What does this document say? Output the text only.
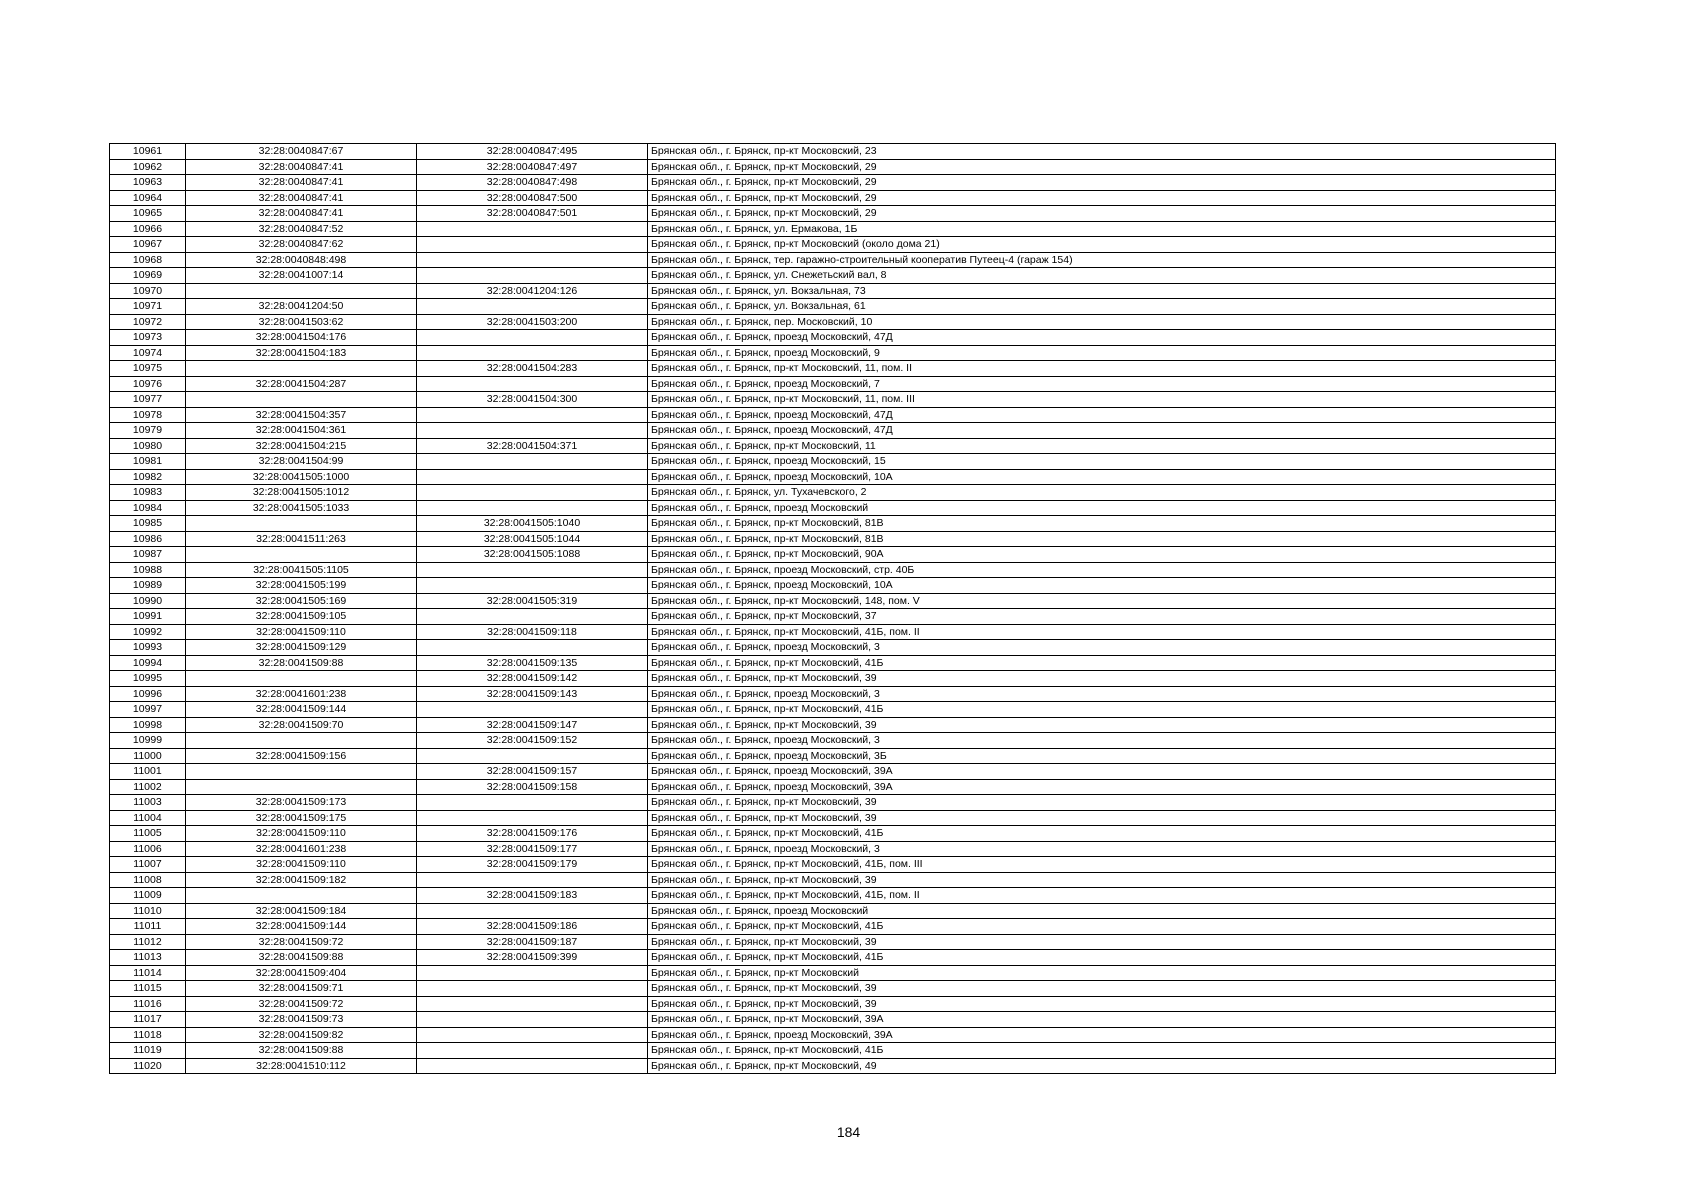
10961	32:28:0040847:67	32:28:0040847:495	Брянская обл., г. Брянск, пр-кт Московский, 23
10962	32:28:0040847:41	32:28:0040847:497	Брянская обл., г. Брянск, пр-кт Московский, 29
10963	32:28:0040847:41	32:28:0040847:498	Брянская обл., г. Брянск, пр-кт Московский, 29
10964	32:28:0040847:41	32:28:0040847:500	Брянская обл., г. Брянск, пр-кт Московский, 29
10965	32:28:0040847:41	32:28:0040847:501	Брянская обл., г. Брянск, пр-кт Московский, 29
10966	32:28:0040847:52		Брянская обл., г. Брянск, ул. Ермакова, 1Б
10967	32:28:0040847:62		Брянская обл., г. Брянск, пр-кт Московский (около дома 21)
10968	32:28:0040848:498		Брянская обл., г. Брянск, тер. гаражно-строительный кооператив Путеец-4 (гараж 154)
10969	32:28:0041007:14		Брянская обл., г. Брянск, ул. Снежетьский вал, 8
10970		32:28:0041204:126	Брянская обл., г. Брянск, ул. Вокзальная, 73
10971	32:28:0041204:50		Брянская обл., г. Брянск, ул. Вокзальная, 61
10972	32:28:0041503:62	32:28:0041503:200	Брянская обл., г. Брянск, пер. Московский, 10
10973	32:28:0041504:176		Брянская обл., г. Брянск, проезд Московский, 47Д
10974	32:28:0041504:183		Брянская обл., г. Брянск, проезд Московский, 9
10975		32:28:0041504:283	Брянская обл., г. Брянск, пр-кт Московский, 11, пом. II
10976	32:28:0041504:287		Брянская обл., г. Брянск, проезд Московский, 7
10977		32:28:0041504:300	Брянская обл., г. Брянск, пр-кт Московский, 11, пом. III
10978	32:28:0041504:357		Брянская обл., г. Брянск, проезд Московский, 47Д
10979	32:28:0041504:361		Брянская обл., г. Брянск, проезд Московский, 47Д
10980	32:28:0041504:215	32:28:0041504:371	Брянская обл., г. Брянск, пр-кт Московский, 11
10981	32:28:0041504:99		Брянская обл., г. Брянск, проезд Московский, 15
10982	32:28:0041505:1000		Брянская обл., г. Брянск, проезд Московский, 10А
10983	32:28:0041505:1012		Брянская обл., г. Брянск, ул. Тухачевского, 2
10984	32:28:0041505:1033		Брянская обл., г. Брянск, проезд Московский
10985		32:28:0041505:1040	Брянская обл., г. Брянск, пр-кт Московский, 81В
10986	32:28:0041511:263	32:28:0041505:1044	Брянская обл., г. Брянск, пр-кт Московский, 81В
10987		32:28:0041505:1088	Брянская обл., г. Брянск, пр-кт Московский, 90А
10988	32:28:0041505:1105		Брянская обл., г. Брянск, проезд Московский, стр. 40Б
10989	32:28:0041505:199		Брянская обл., г. Брянск, проезд Московский, 10А
10990	32:28:0041505:169	32:28:0041505:319	Брянская обл., г. Брянск, пр-кт Московский, 148, пом. V
10991	32:28:0041509:105		Брянская обл., г. Брянск, пр-кт Московский, 37
10992	32:28:0041509:110	32:28:0041509:118	Брянская обл., г. Брянск, пр-кт Московский, 41Б, пом. II
10993	32:28:0041509:129		Брянская обл., г. Брянск, проезд Московский, 3
10994	32:28:0041509:88	32:28:0041509:135	Брянская обл., г. Брянск, пр-кт Московский, 41Б
10995		32:28:0041509:142	Брянская обл., г. Брянск, пр-кт Московский, 39
10996	32:28:0041601:238	32:28:0041509:143	Брянская обл., г. Брянск, проезд Московский, 3
10997	32:28:0041509:144		Брянская обл., г. Брянск, пр-кт Московский, 41Б
10998	32:28:0041509:70	32:28:0041509:147	Брянская обл., г. Брянск, пр-кт Московский, 39
10999		32:28:0041509:152	Брянская обл., г. Брянск, проезд Московский, 3
11000	32:28:0041509:156		Брянская обл., г. Брянск, проезд Московский, 3Б
11001		32:28:0041509:157	Брянская обл., г. Брянск, проезд Московский, 39А
11002		32:28:0041509:158	Брянская обл., г. Брянск, проезд Московский, 39А
11003	32:28:0041509:173		Брянская обл., г. Брянск, пр-кт Московский, 39
11004	32:28:0041509:175		Брянская обл., г. Брянск, пр-кт Московский, 39
11005	32:28:0041509:110	32:28:0041509:176	Брянская обл., г. Брянск, пр-кт Московский, 41Б
11006	32:28:0041601:238	32:28:0041509:177	Брянская обл., г. Брянск, проезд Московский, 3
11007	32:28:0041509:110	32:28:0041509:179	Брянская обл., г. Брянск, пр-кт Московский, 41Б, пом. III
11008	32:28:0041509:182		Брянская обл., г. Брянск, пр-кт Московский, 39
11009		32:28:0041509:183	Брянская обл., г. Брянск, пр-кт Московский, 41Б, пом. II
11010	32:28:0041509:184		Брянская обл., г. Брянск, проезд Московский
11011	32:28:0041509:144	32:28:0041509:186	Брянская обл., г. Брянск, пр-кт Московский, 41Б
11012	32:28:0041509:72	32:28:0041509:187	Брянская обл., г. Брянск, пр-кт Московский, 39
11013	32:28:0041509:88	32:28:0041509:399	Брянская обл., г. Брянск, пр-кт Московский, 41Б
11014	32:28:0041509:404		Брянская обл., г. Брянск, пр-кт Московский
11015	32:28:0041509:71		Брянская обл., г. Брянск, пр-кт Московский, 39
11016	32:28:0041509:72		Брянская обл., г. Брянск, пр-кт Московский, 39
11017	32:28:0041509:73		Брянская обл., г. Брянск, пр-кт Московский, 39А
11018	32:28:0041509:82		Брянская обл., г. Брянск, проезд Московский, 39А
11019	32:28:0041509:88		Брянская обл., г. Брянск, пр-кт Московский, 41Б
11020	32:28:0041510:112		Брянская обл., г. Брянск, пр-кт Московский, 49
184
